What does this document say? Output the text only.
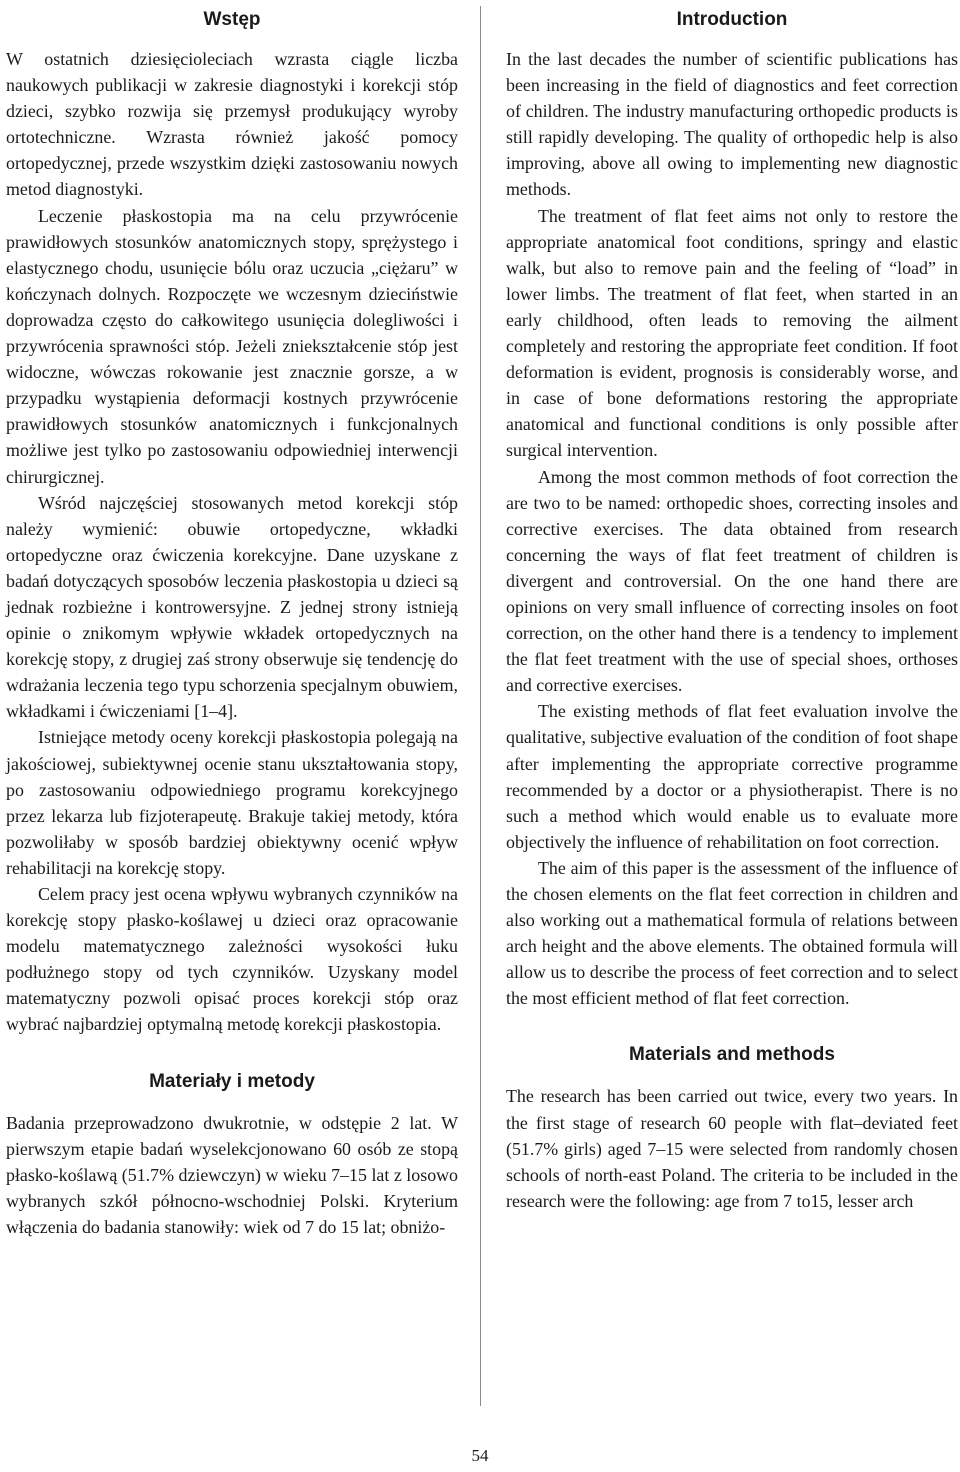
Wstęp

W ostatnich dziesięcioleciach wzrasta ciągle liczba naukowych publikacji w zakresie diagnostyki i korekcji stóp dzieci, szybko rozwija się przemysł produkujący wyroby ortotechniczne. Wzrasta również jakość pomocy ortopedycznej, przede wszystkim dzięki zastosowaniu nowych metod diagnostyki.

Leczenie płaskostopia ma na celu przywrócenie prawidłowych stosunków anatomicznych stopy, sprężystego i elastycznego chodu, usunięcie bólu oraz uczucia „ciężaru” w kończynach dolnych. Rozpoczęte we wczesnym dzieciństwie doprowadza często do całkowitego usunięcia dolegliwości i przywrócenia sprawności stóp. Jeżeli zniekształcenie stóp jest widoczne, wówczas rokowanie jest znacznie gorsze, a w przypadku wystąpienia deformacji kostnych przywrócenie prawidłowych stosunków anatomicznych i funkcjonalnych możliwe jest tylko po zastosowaniu odpowiedniej interwencji chirurgicznej.

Wśród najczęściej stosowanych metod korekcji stóp należy wymienić: obuwie ortopedyczne, wkładki ortopedyczne oraz ćwiczenia korekcyjne. Dane uzyskane z badań dotyczących sposobów leczenia płaskostopia u dzieci są jednak rozbieżne i kontrowersyjne. Z jednej strony istnieją opinie o znikomym wpływie wkładek ortopedycznych na korekcję stopy, z drugiej zaś strony obserwuje się tendencję do wdrażania leczenia tego typu schorzenia specjalnym obuwiem, wkładkami i ćwiczeniami [1–4].

Istniejące metody oceny korekcji płaskostopia polegają na jakościowej, subiektywnej ocenie stanu ukształtowania stopy, po zastosowaniu odpowiedniego programu korekcyjnego przez lekarza lub fizjoterapeutę. Brakuje takiej metody, która pozwoliłaby w sposób bardziej obiektywny ocenić wpływ rehabilitacji na korekcję stopy.

Celem pracy jest ocena wpływu wybranych czynników na korekcję stopy płasko-koślawej u dzieci oraz opracowanie modelu matematycznego zależności wysokości łuku podłużnego stopy od tych czynników. Uzyskany model matematyczny pozwoli opisać proces korekcji stóp oraz wybrać najbardziej optymalną metodę korekcji płaskostopia.

Materiały i metody

Badania przeprowadzono dwukrotnie, w odstępie 2 lat. W pierwszym etapie badań wyselekcjonowano 60 osób ze stopą płasko-koślawą (51.7% dziewczyn) w wieku 7–15 lat z losowo wybranych szkół północno-wschodniej Polski. Kryterium włączenia do badania stanowiły: wiek od 7 do 15 lat; obniżo-

Introduction

In the last decades the number of scientific publications has been increasing in the field of diagnostics and feet correction of children. The industry manufacturing orthopedic products is still rapidly developing. The quality of orthopedic help is also improving, above all owing to implementing new diagnostic methods.

The treatment of flat feet aims not only to restore the appropriate anatomical foot conditions, springy and elastic walk, but also to remove pain and the feeling of “load” in lower limbs. The treatment of flat feet, when started in an early childhood, often leads to removing the ailment completely and restoring the appropriate feet condition. If foot deformation is evident, prognosis is considerably worse, and in case of bone deformations restoring the appropriate anatomical and functional conditions is only possible after surgical intervention.

Among the most common methods of foot correction the are two to be named: orthopedic shoes, correcting insoles and corrective exercises. The data obtained from research concerning the ways of flat feet treatment of children is divergent and controversial. On the one hand there are opinions on very small influence of correcting insoles on foot correction, on the other hand there is a tendency to implement the flat feet treatment with the use of special shoes, orthoses and corrective exercises.

The existing methods of flat feet evaluation involve the qualitative, subjective evaluation of the condition of foot shape after implementing the appropriate corrective programme recommended by a doctor or a physiotherapist. There is no such a method which would enable us to evaluate more objectively the influence of rehabilitation on foot correction.

The aim of this paper is the assessment of the influence of the chosen elements on the flat feet correction in children and also working out a mathematical formula of relations between arch height and the above elements. The obtained formula will allow us to describe the process of feet correction and to select the most efficient method of flat feet correction.

Materials and methods

The research has been carried out twice, every two years. In the first stage of research 60 people with flat–deviated feet (51.7% girls) aged 7–15 were selected from randomly chosen schools of north-east Poland. The criteria to be included in the research were the following: age from 7 to15, lesser arch

54
